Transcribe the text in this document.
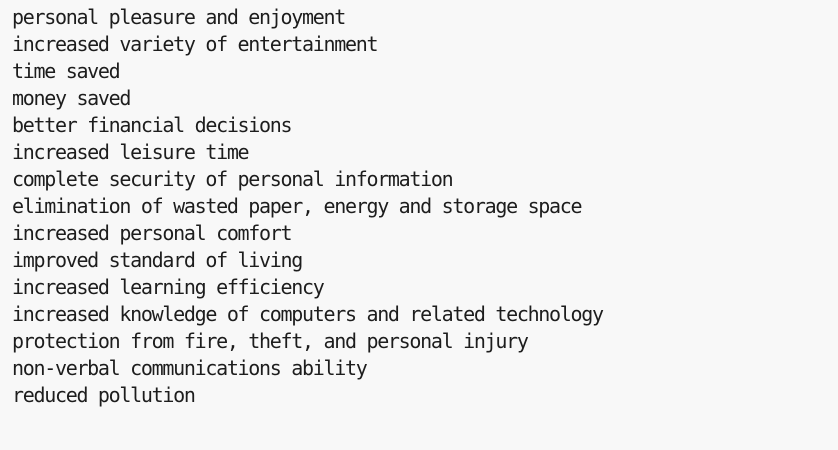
personal pleasure and enjoyment
increased variety of entertainment
time saved
money saved
better financial decisions
increased leisure time
complete security of personal information
elimination of wasted paper, energy and storage space
increased personal comfort
improved standard of living
increased learning efficiency
increased knowledge of computers and related technology
protection from fire, theft, and personal injury
non-verbal communications ability
reduced pollution
